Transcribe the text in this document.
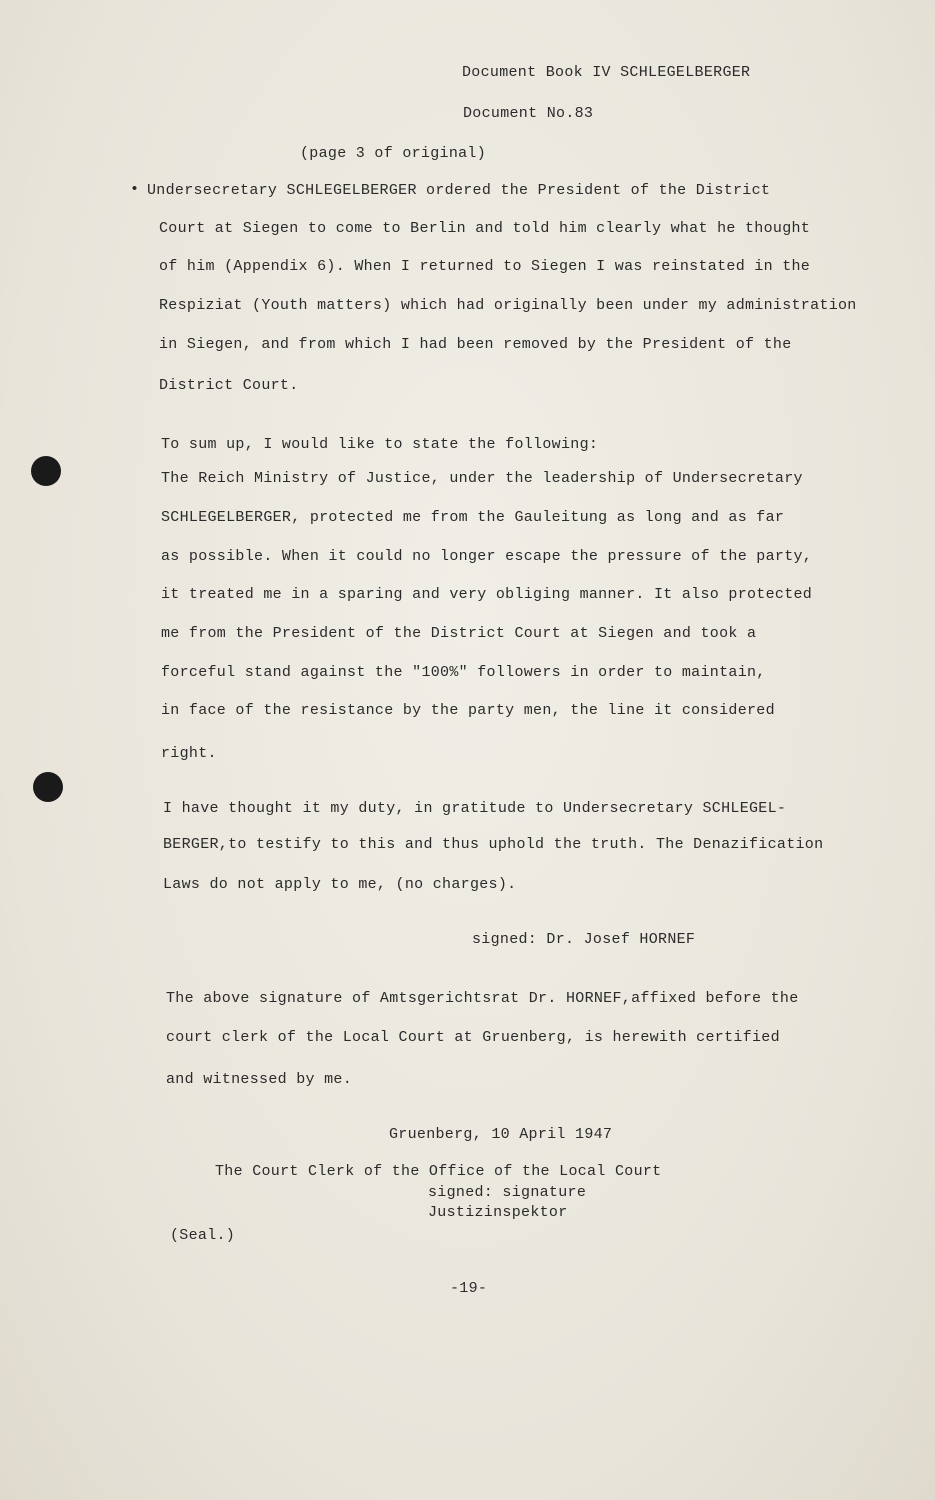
Document Book IV SCHLEGELBERGER
Document No.83
(page 3 of original)
• Undersecretary SCHLEGELBERGER ordered the President of the District
Court at Siegen to come to Berlin and told him clearly what he thought
of him (Appendix 6). When I returned to Siegen I was reinstated in the
Respiziat (Youth matters) which had originally been under my administration
in Siegen, and from which I had been removed by the President of the
District Court.
To sum up, I would like to state the following:
The Reich Ministry of Justice, under the leadership of Undersecretary
SCHLEGELBERGER, protected me from the Gauleitung as long and as far
as possible. When it could no longer escape the pressure of the party,
it treated me in a sparing and very obliging manner. It also protected
me from the President of the District Court at Siegen and took a
forceful stand against the "100%" followers in order to maintain,
in face of the resistance by the party men, the line it considered
right.
I have thought it my duty, in gratitude to Undersecretary SCHLEGEL-
BERGER,to testify to this and thus uphold the truth. The Denazification
Laws do not apply to me, (no charges).
signed: Dr. Josef HORNEF
The above signature of Amtsgerichtsrat Dr. HORNEF,affixed before the
court clerk of the Local Court at Gruenberg, is herewith certified
and witnessed by me.
Gruenberg, 10 April 1947
The Court Clerk of the Office of the Local Court
signed: signature
Justizinspektor
(Seal.)
-19-
